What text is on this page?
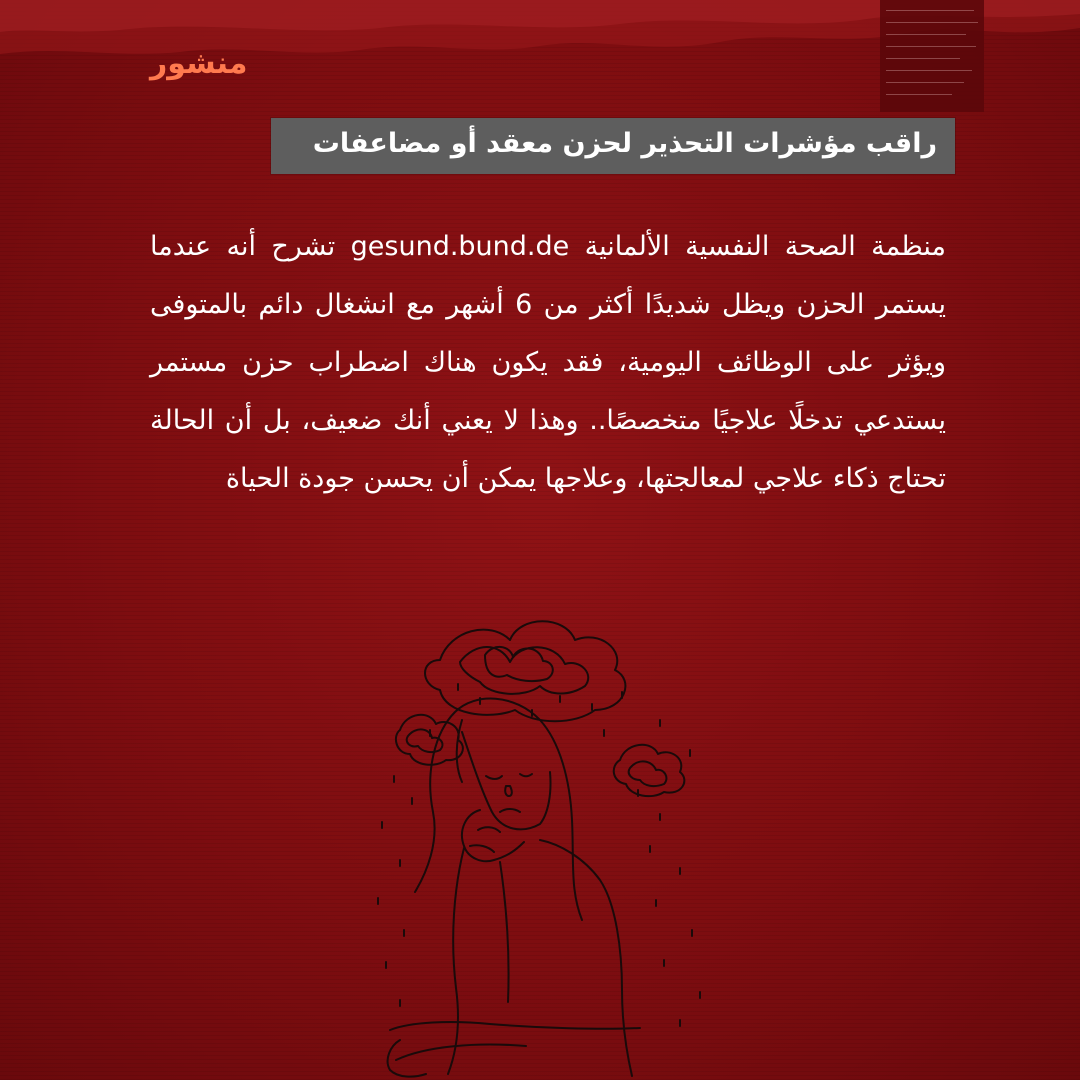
منشور
راقب مؤشرات التحذير لحزن معقد أو مضاعفات

منظمة الصحة النفسية الألمانية gesund.bund.de تشرح أنه عندما يستمر الحزن ويظل شديدًا أكثر من 6 أشهر مع انشغال دائم بالمتوفى ويؤثر على الوظائف اليومية، فقد يكون هناك اضطراب حزن مستمر يستدعي تدخلًا علاجيًا متخصصًا.. وهذا لا يعني أنك ضعيف، بل أن الحالة تحتاج ذكاء علاجي لمعالجتها، وعلاجها يمكن أن يحسن جودة الحياة
